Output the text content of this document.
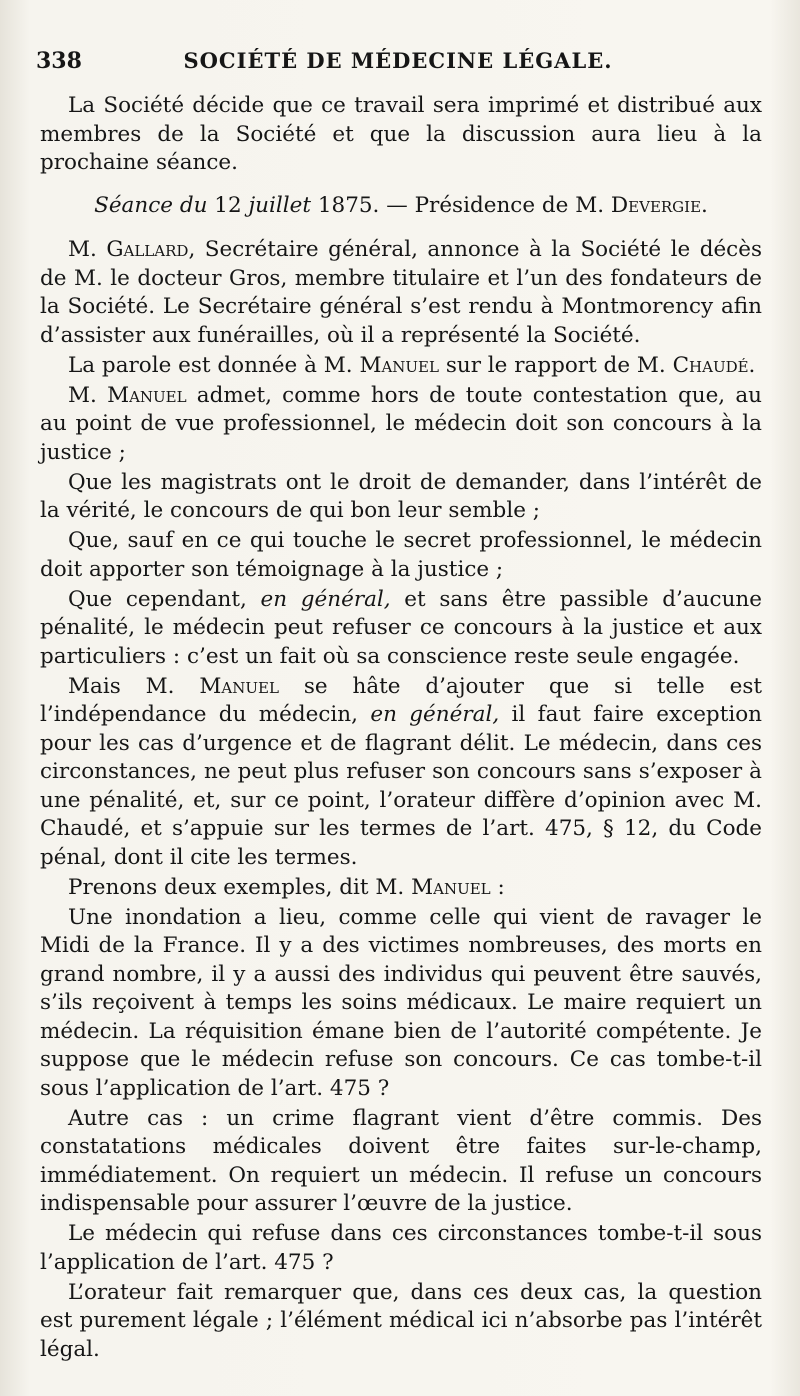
338	SOCIÉTÉ DE MÉDECINE LÉGALE.

La Société décide que ce travail sera imprimé et distribué aux membres de la Société et que la discussion aura lieu à la prochaine séance.

Séance du 12 juillet 1875. — Présidence de M. Devergie.

M. Gallard, Secrétaire général, annonce à la Société le décès de M. le docteur Gros, membre titulaire et l’un des fondateurs de la Société. Le Secrétaire général s’est rendu à Montmorency afin d’assister aux funérailles, où il a représenté la Société.

La parole est donnée à M. Manuel sur le rapport de M. Chaudé.

M. Manuel admet, comme hors de toute contestation que, au au point de vue professionnel, le médecin doit son concours à la justice ;

Que les magistrats ont le droit de demander, dans l’intérêt de la vérité, le concours de qui bon leur semble ;

Que, sauf en ce qui touche le secret professionnel, le médecin doit apporter son témoignage à la justice ;

Que cependant, en général, et sans être passible d’aucune pénalité, le médecin peut refuser ce concours à la justice et aux particuliers : c’est un fait où sa conscience reste seule engagée.

Mais M. Manuel se hâte d’ajouter que si telle est l’indépendance du médecin, en général, il faut faire exception pour les cas d’urgence et de flagrant délit. Le médecin, dans ces circonstances, ne peut plus refuser son concours sans s’exposer à une pénalité, et, sur ce point, l’orateur diffère d’opinion avec M. Chaudé, et s’appuie sur les termes de l’art. 475, § 12, du Code pénal, dont il cite les termes.

Prenons deux exemples, dit M. Manuel :

Une inondation a lieu, comme celle qui vient de ravager le Midi de la France. Il y a des victimes nombreuses, des morts en grand nombre, il y a aussi des individus qui peuvent être sauvés, s’ils reçoivent à temps les soins médicaux. Le maire requiert un médecin. La réquisition émane bien de l’autorité compétente. Je suppose que le médecin refuse son concours. Ce cas tombe-t-il sous l’application de l’art. 475 ?

Autre cas : un crime flagrant vient d’être commis. Des constatations médicales doivent être faites sur-le-champ, immédiatement. On requiert un médecin. Il refuse un concours indispensable pour assurer l’œuvre de la justice.

Le médecin qui refuse dans ces circonstances tombe-t-il sous l’application de l’art. 475 ?

L’orateur fait remarquer que, dans ces deux cas, la question est purement légale ; l’élément médical ici n’absorbe pas l’intérêt légal.
